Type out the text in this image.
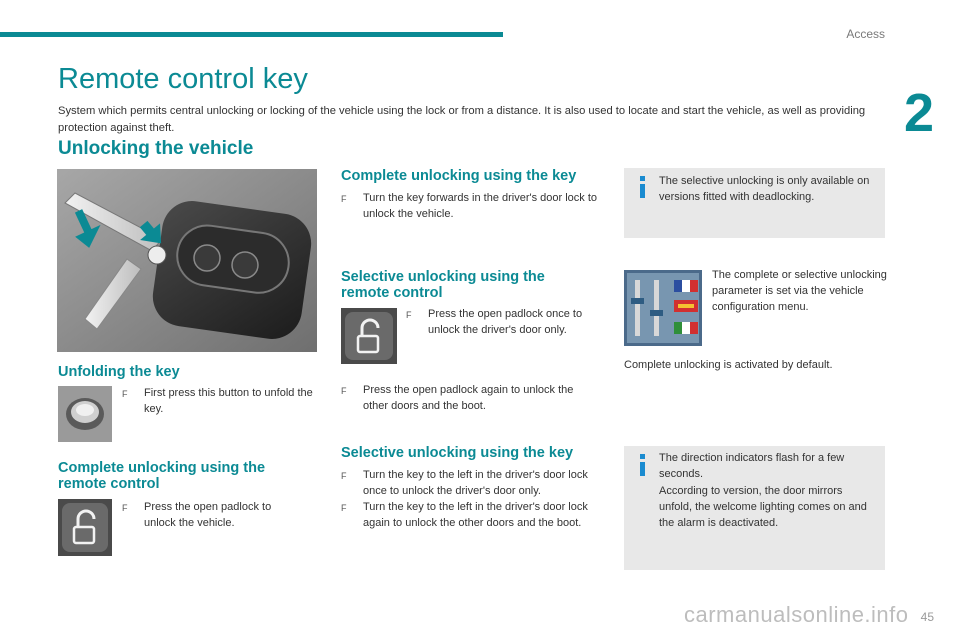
Access
2
Remote control key
System which permits central unlocking or locking of the vehicle using the lock or from a distance. It is also used to locate and start the vehicle, as well as providing protection against theft.
Unlocking the vehicle
Unfolding the key
F	First press this button to unfold the key.
Complete unlocking using the remote control
F	Press the open padlock to unlock the vehicle.
Complete unlocking using the key
F	Turn the key forwards in the driver's door lock to unlock the vehicle.
Selective unlocking using the remote control
F	Press the open padlock once to unlock the driver's door only.
F	Press the open padlock again to unlock the other doors and the boot.
Selective unlocking using the key
F	Turn the key to the left in the driver's door lock once to unlock the driver's door only.
F	Turn the key to the left in the driver's door lock again to unlock the other doors and the boot.
The selective unlocking is only available on versions fitted with deadlocking.
The complete or selective unlocking parameter is set via the vehicle configuration menu.
Complete unlocking is activated by default.
The direction indicators flash for a few seconds.
According to version, the door mirrors unfold, the welcome lighting comes on and the alarm is deactivated.
carmanualsonline.info 45
